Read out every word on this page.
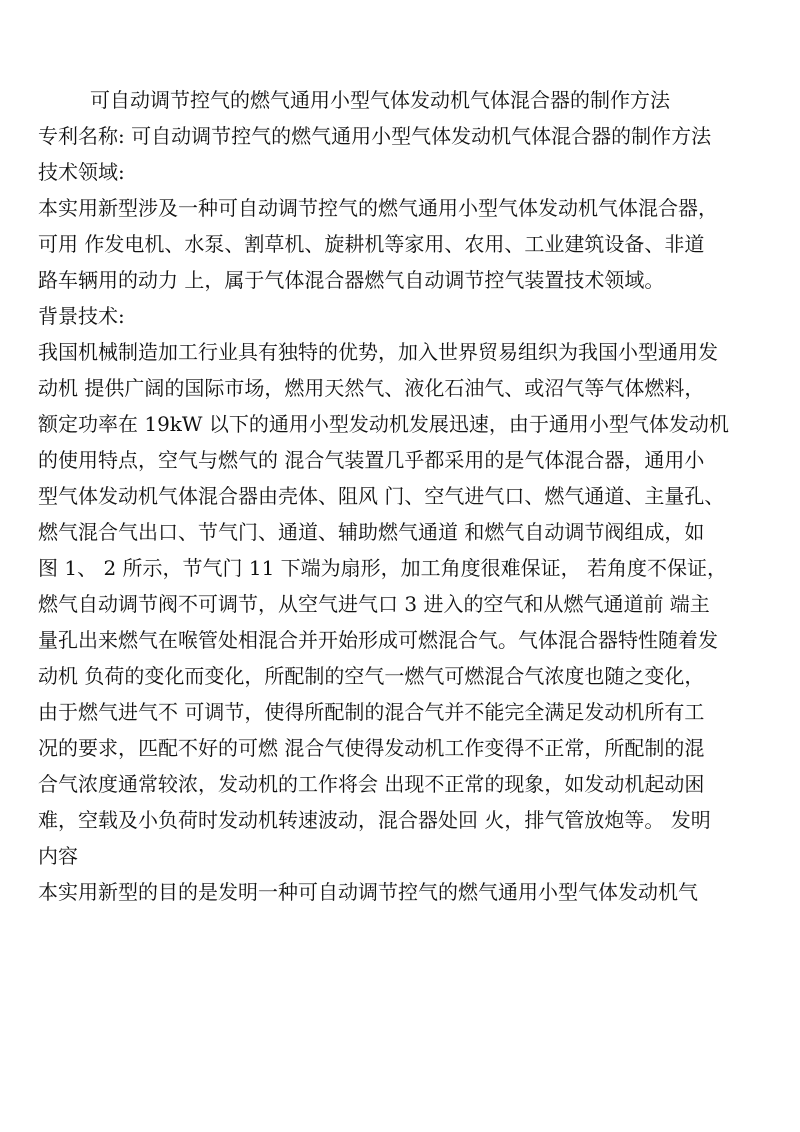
可自动调节控气的燃气通用小型气体发动机气体混合器的制作方法
专利名称: 可自动调节控气的燃气通用小型气体发动机气体混合器的制作方法
技术领域:
本实用新型涉及一种可自动调节控气的燃气通用小型气体发动机气体混合器，
可用 作发电机、水泵、割草机、旋耕机等家用、农用、工业建筑设备、非道
路车辆用的动力 上，属于气体混合器燃气自动调节控气装置技术领域。
背景技术:
我国机械制造加工行业具有独特的优势，加入世界贸易组织为我国小型通用发
动机 提供广阔的国际市场，燃用天然气、液化石油气、或沼气等气体燃料，
额定功率在 19kW 以下的通用小型发动机发展迅速，由于通用小型气体发动机
的使用特点，空气与燃气的 混合气装置几乎都采用的是气体混合器，通用小
型气体发动机气体混合器由壳体、阻风 门、空气进气口、燃气通道、主量孔、
燃气混合气出口、节气门、通道、辅助燃气通道 和燃气自动调节阀组成，如
图 1、 2 所示，节气门 11 下端为扇形，加工角度很难保证， 若角度不保证，
燃气自动调节阀不可调节，从空气进气口 3 进入的空气和从燃气通道前 端主
量孔出来燃气在喉管处相混合并开始形成可燃混合气。气体混合器特性随着发
动机 负荷的变化而变化，所配制的空气一燃气可燃混合气浓度也随之变化，
由于燃气进气不 可调节，使得所配制的混合气并不能完全满足发动机所有工
况的要求，匹配不好的可燃 混合气使得发动机工作变得不正常，所配制的混
合气浓度通常较浓，发动机的工作将会 出现不正常的现象，如发动机起动困
难，空载及小负荷时发动机转速波动，混合器处回 火，排气管放炮等。 发明
内容
本实用新型的目的是发明一种可自动调节控气的燃气通用小型气体发动机气
